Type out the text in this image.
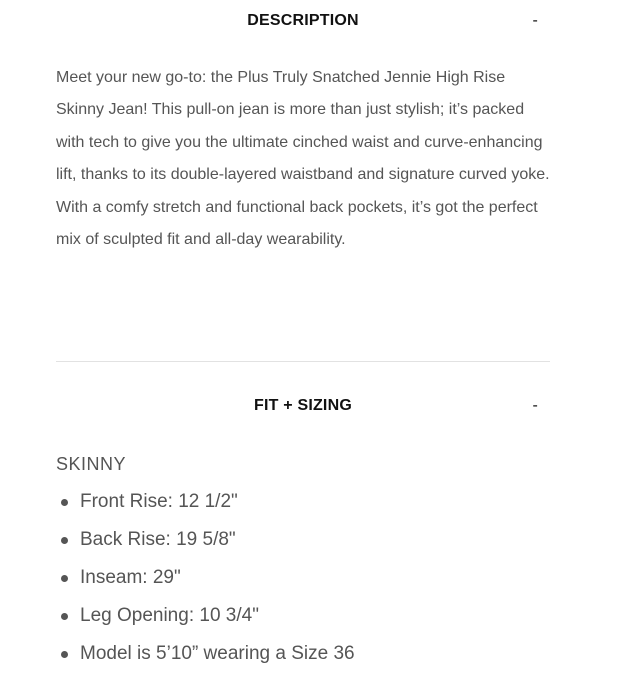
DESCRIPTION	-

Meet your new go-to: the Plus Truly Snatched Jennie High Rise Skinny Jean! This pull-on jean is more than just stylish; it’s packed with tech to give you the ultimate cinched waist and curve-enhancing lift, thanks to its double-layered waistband and signature curved yoke. With a comfy stretch and functional back pockets, it’s got the perfect mix of sculpted fit and all-day wearability.

FIT + SIZING	-
SKINNY
Front Rise: 12 1/2"
Back Rise: 19 5/8"
Inseam: 29"
Leg Opening: 10 3/4"
Model is 5’10” wearing a Size 36
